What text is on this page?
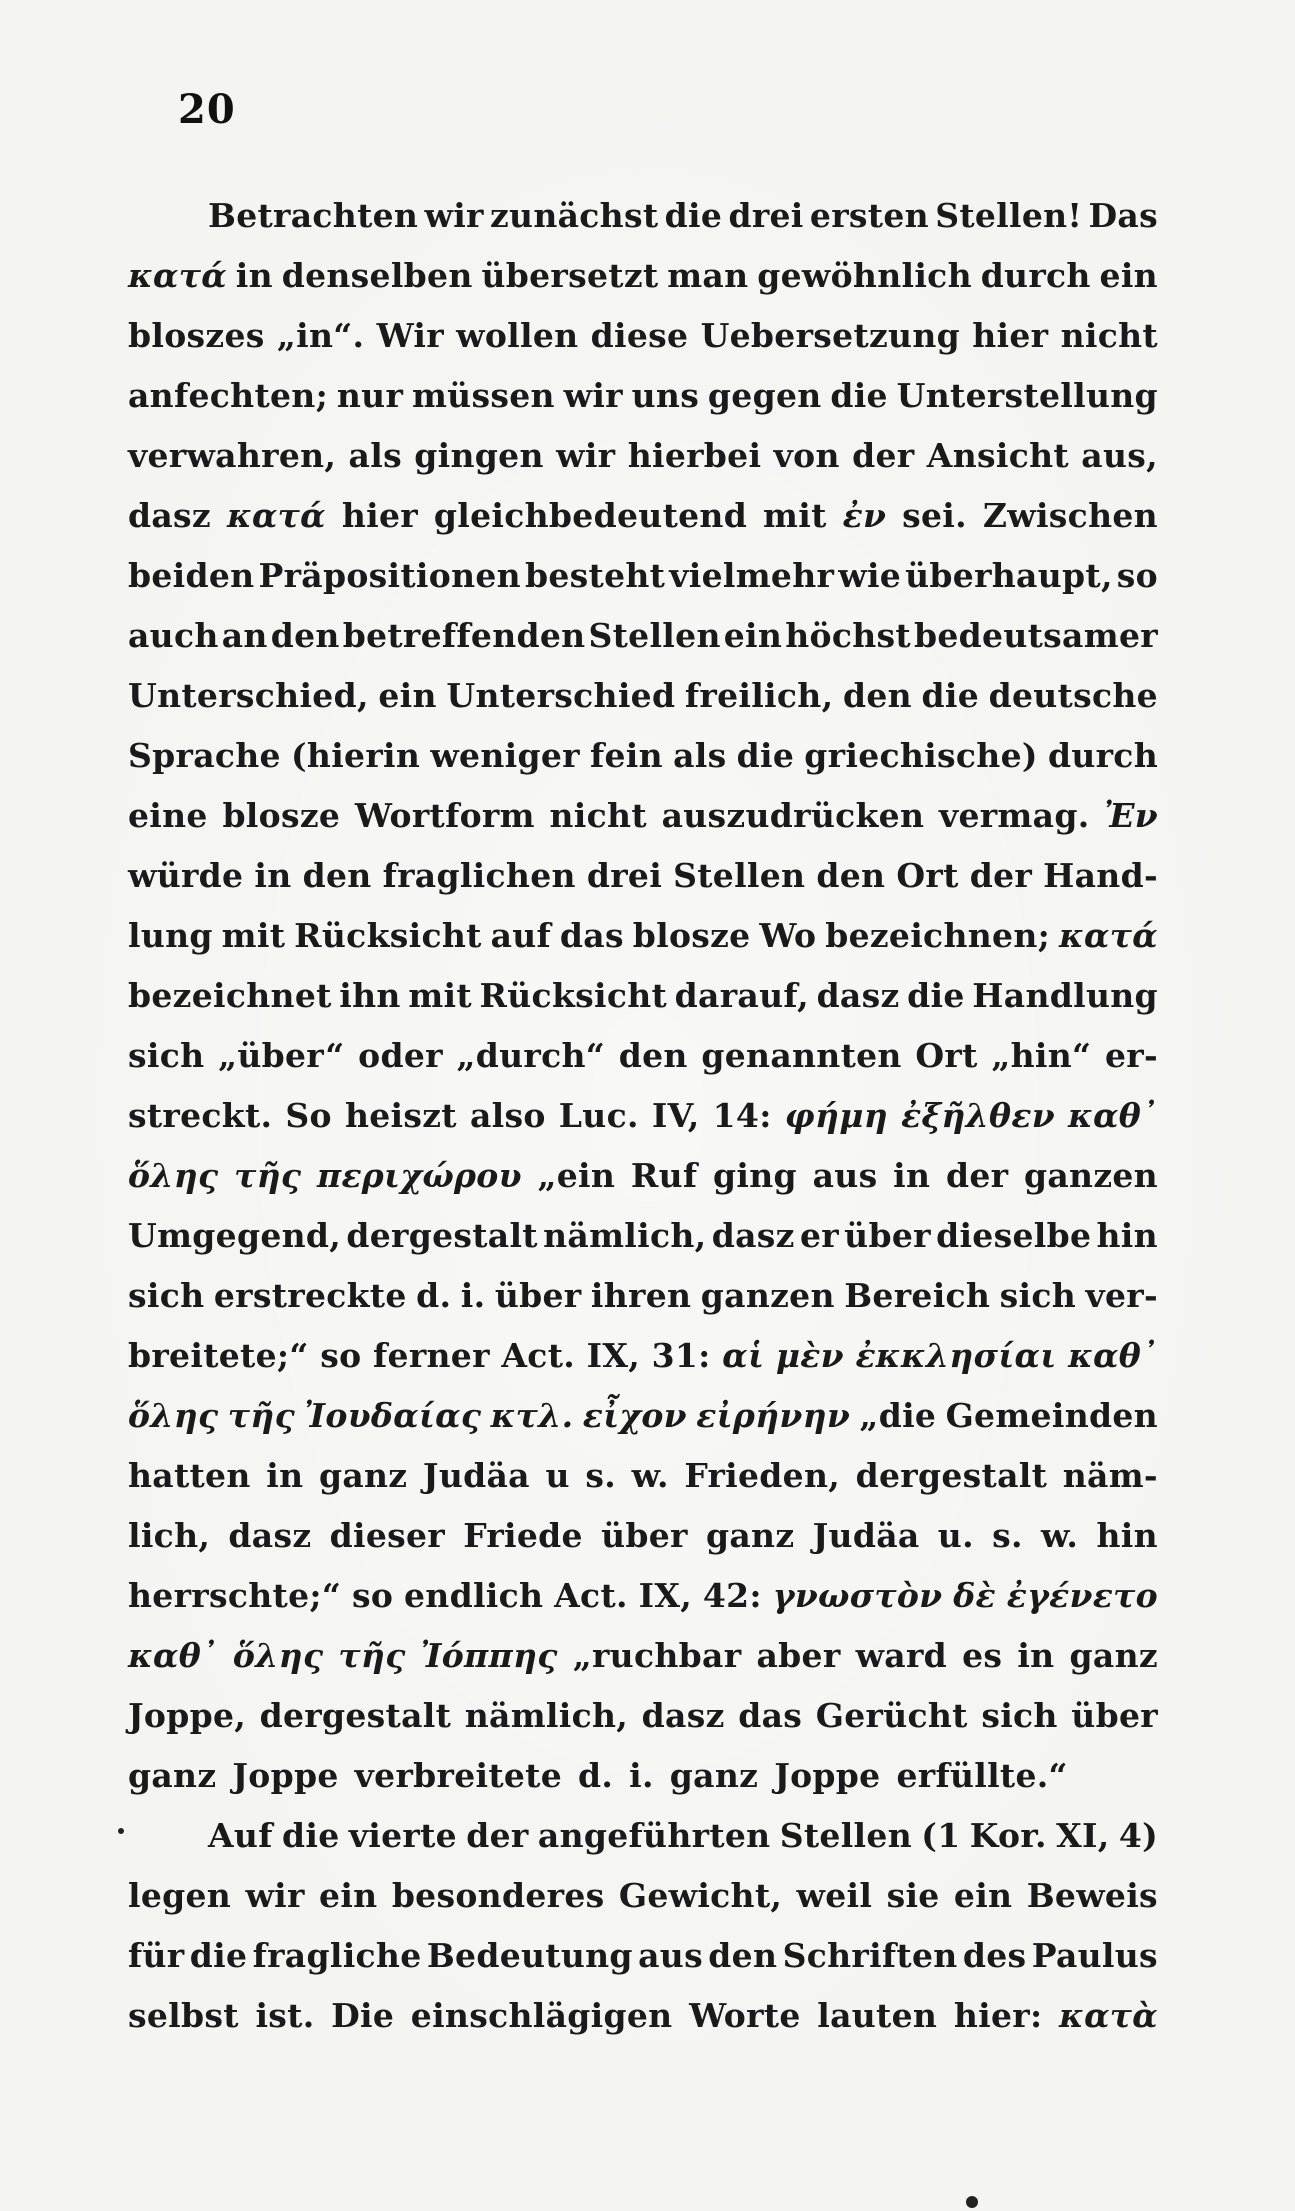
20
Betrachten wir zunächst die drei ersten Stellen! Das
κατά in denselben übersetzt man gewöhnlich durch ein
bloszes „in“. Wir wollen diese Uebersetzung hier nicht
anfechten; nur müssen wir uns gegen die Unterstellung
verwahren, als gingen wir hierbei von der Ansicht aus,
dasz κατά hier gleichbedeutend mit ἐν sei. Zwischen
beiden Präpositionen besteht vielmehr wie überhaupt, so
auch an den betreffenden Stellen ein höchst bedeutsamer
Unterschied, ein Unterschied freilich, den die deutsche
Sprache (hierin weniger fein als die griechische) durch
eine blosze Wortform nicht auszudrücken vermag. Ἐν
würde in den fraglichen drei Stellen den Ort der Hand-
lung mit Rücksicht auf das blosze Wo bezeichnen; κατά
bezeichnet ihn mit Rücksicht darauf, dasz die Handlung
sich „über“ oder „durch“ den genannten Ort „hin“ er-
streckt. So heiszt also Luc. IV, 14: φήμη ἐξῆλθεν καθ᾽
ὅλης τῆς περιχώρου „ein Ruf ging aus in der ganzen
Umgegend, dergestalt nämlich, dasz er über dieselbe hin
sich erstreckte d. i. über ihren ganzen Bereich sich ver-
breitete;“ so ferner Act. IX, 31: αἱ μὲν ἐκκλησίαι καθ᾽
ὅλης τῆς Ἰουδαίας κτλ. εἶχον εἰρήνην „die Gemeinden
hatten in ganz Judäa u s. w. Frieden, dergestalt näm-
lich, dasz dieser Friede über ganz Judäa u. s. w. hin
herrschte;“ so endlich Act. IX, 42: γνωστὸν δὲ ἐγένετο
καθ᾽ ὅλης τῆς Ἰόππης „ruchbar aber ward es in ganz
Joppe, dergestalt nämlich, dasz das Gerücht sich über
ganz Joppe verbreitete d. i. ganz Joppe erfüllte.“
Auf die vierte der angeführten Stellen (1 Kor. XI, 4)
legen wir ein besonderes Gewicht, weil sie ein Beweis
für die fragliche Bedeutung aus den Schriften des Paulus
selbst ist. Die einschlägigen Worte lauten hier: κατὰ
